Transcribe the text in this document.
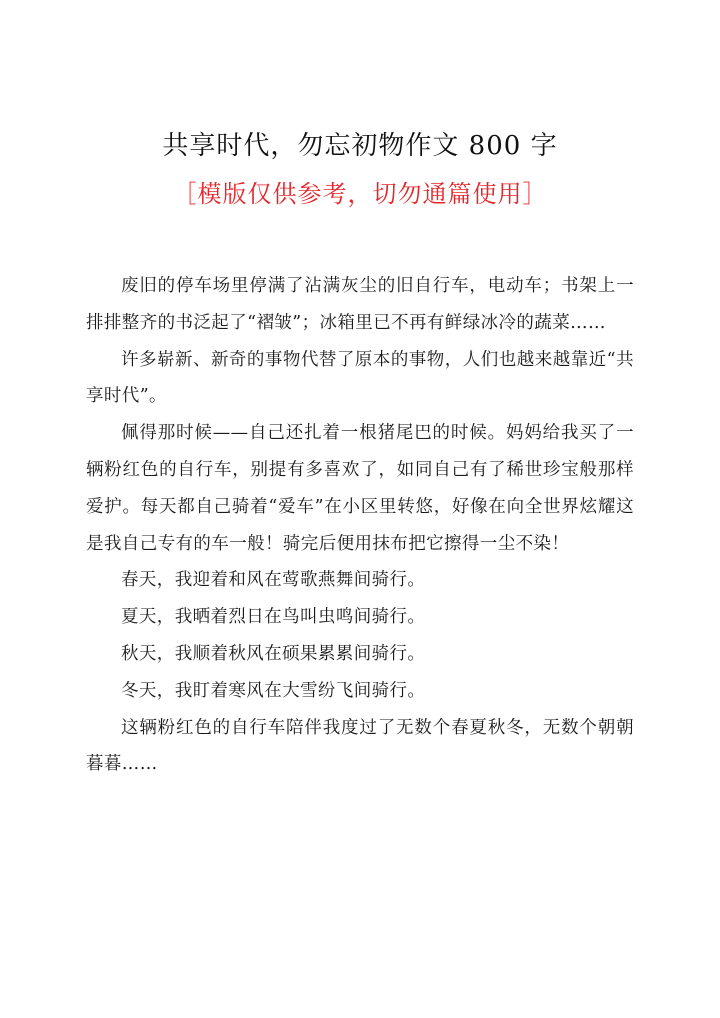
共享时代，勿忘初物作文 800 字
［模版仅供参考，切勿通篇使用］

废旧的停车场里停满了沾满灰尘的旧自行车，电动车；书架上一排排整齐的书泛起了“褶皱”；冰箱里已不再有鲜绿冰冷的蔬菜……

许多崭新、新奇的事物代替了原本的事物，人们也越来越靠近“共享时代”。

佩得那时候——自己还扎着一根猪尾巴的时候。妈妈给我买了一辆粉红色的自行车，别提有多喜欢了，如同自己有了稀世珍宝般那样爱护。每天都自己骑着“爱车”在小区里转悠，好像在向全世界炫耀这是我自己专有的车一般！骑完后便用抹布把它擦得一尘不染！

春天，我迎着和风在莺歌燕舞间骑行。

夏天，我晒着烈日在鸟叫虫鸣间骑行。

秋天，我顺着秋风在硕果累累间骑行。

冬天，我盯着寒风在大雪纷飞间骑行。

这辆粉红色的自行车陪伴我度过了无数个春夏秋冬，无数个朝朝暮暮……
